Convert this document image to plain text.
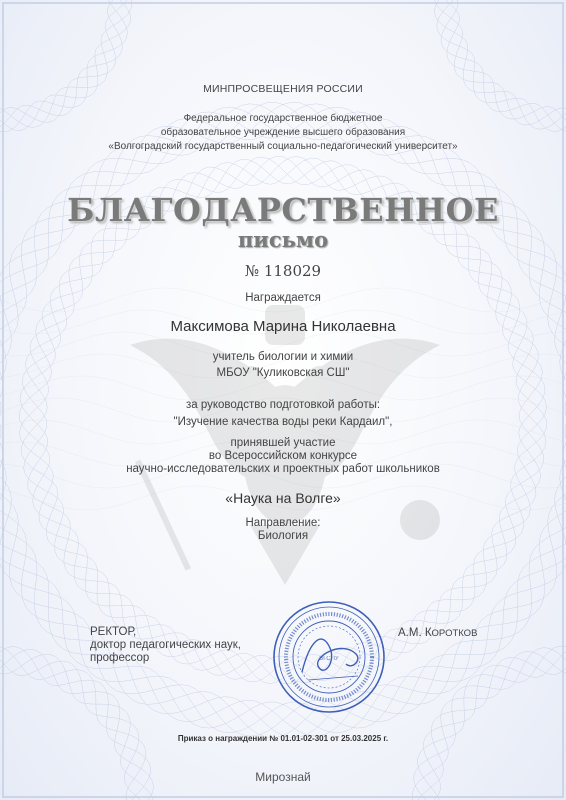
МИНПРОСВЕЩЕНИЯ РОССИИ
Федеральное государственное бюджетное
образовательное учреждение высшего образования
«Волгоградский государственный социально-педагогический университет»
БЛАГОДАРСТВЕННОЕ
письмо
№ 118029
Награждается
Максимова Марина Николаевна
учитель биологии и химии
МБОУ "Куликовская СШ"
за руководство подготовкой работы:
"Изучение качества воды реки Кардаил",
принявшей участие
во Всероссийском конкурсе
научно-исследовательских и проектных работ школьников
«Наука на Волге»
Направление:
Биология
РЕКТОР,
доктор педагогических наук,
профессор	ВГСПУ
А.М. КОРОТКОВ
Приказ о награждении № 01.01-02-301 от 25.03.2025 г.
Мирознай
